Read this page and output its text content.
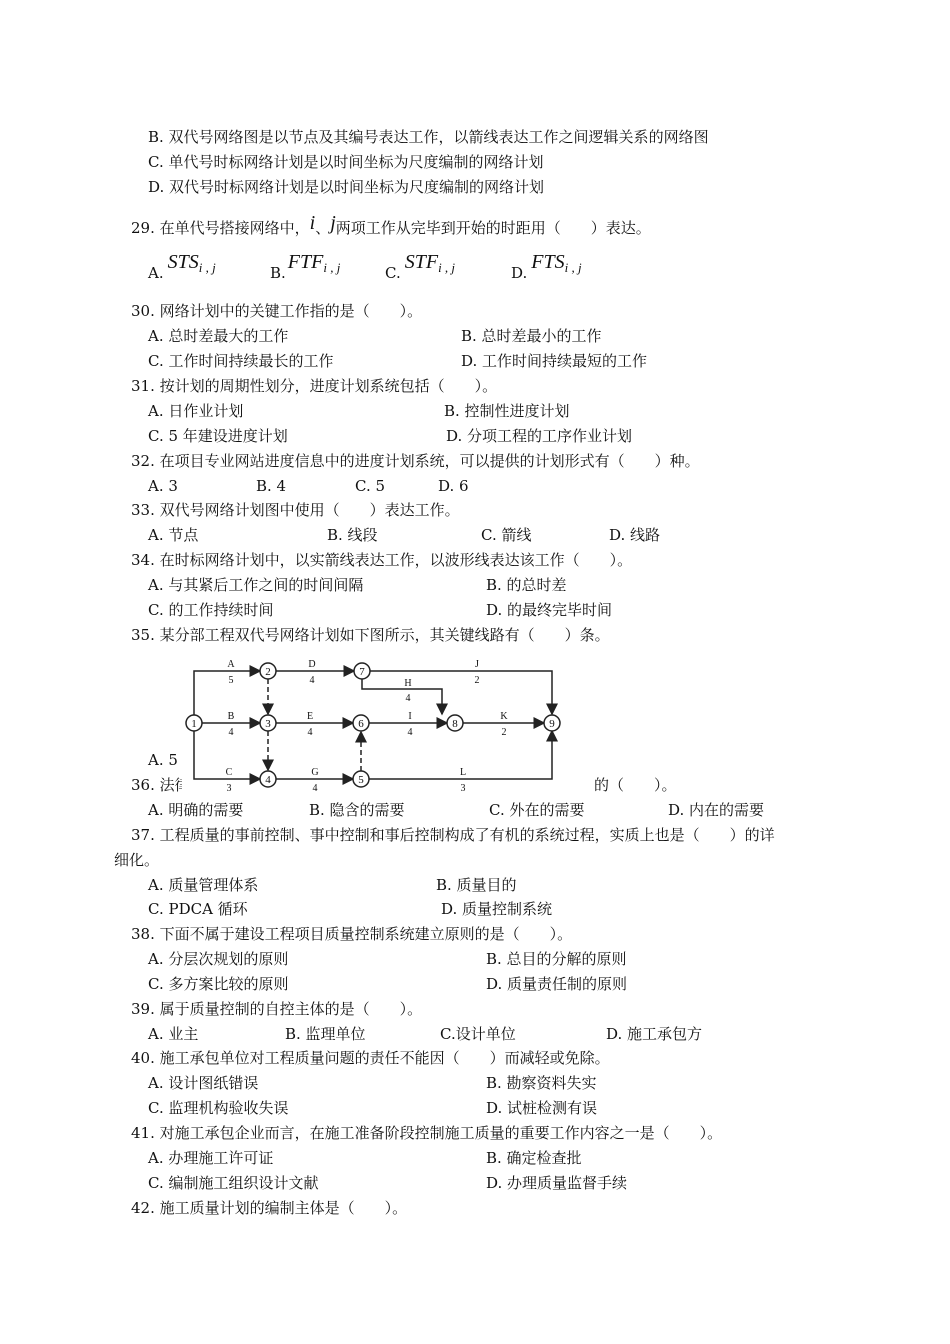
B. 双代号网络图是以节点及其编号表达工作，以箭线表达工作之间逻辑关系的网络图
C. 单代号时标网络计划是以时间坐标为尺度编制的网络计划
D. 双代号时标网络计划是以时间坐标为尺度编制的网络计划
29. 在单代号搭接网络中，i、j两项工作从完毕到开始的时距用（　　）表达。
A. STSi , j	B. FTFi , j	C. STFi , j	D. FTSi , j
30. 网络计划中的关键工作指的是（　　）。
A. 总时差最大的工作	B. 总时差最小的工作
C. 工作时间持续最长的工作	D. 工作时间持续最短的工作
31. 按计划的周期性划分，进度计划系统包括（　　）。
A. 日作业计划	B. 控制性进度计划
C. 5 年建设进度计划	D. 分项工程的工序作业计划
32. 在项目专业网站进度信息中的进度计划系统，可以提供的计划形式有（　　）种。
A. 3	B. 4	C. 5	D. 6
33. 双代号网络计划图中使用（　　）表达工作。
A. 节点	B. 线段	C. 箭线	D. 线路
34. 在时标网络计划中，以实箭线表达工作，以波形线表达该工作（　　）。
A. 与其紧后工作之间的时间间隔	B. 的总时差
C. 的工作持续时间	D. 的最终完毕时间
35. 某分部工程双代号网络计划如下图所示，其关键线路有（　　）条。
A. 5
36. 法律	的（　　）。
A. 明确的需要	B. 隐含的需要	C. 外在的需要	D. 内在的需要
1
2
3
4	5
6
7
8	9
A
5
D
4
J
2
H
4
B
4
E
4
I
4
K
2
C
3
G
4
L
3
37. 工程质量的事前控制、事中控制和事后控制构成了有机的系统过程，实质上也是（　　）的详
细化。
A. 质量管理体系	B. 质量目的
C. PDCA 循环	D. 质量控制系统
38. 下面不属于建设工程项目质量控制系统建立原则的是（　　）。
A. 分层次规划的原则	B. 总目的分解的原则
C. 多方案比较的原则	D. 质量责任制的原则
39. 属于质量控制的自控主体的是（　　）。
A. 业主	B. 监理单位	C.设计单位	D. 施工承包方
40. 施工承包单位对工程质量问题的责任不能因（　　）而减轻或免除。
A. 设计图纸错误	B. 勘察资料失实
C. 监理机构验收失误	D. 试桩检测有误
41. 对施工承包企业而言，在施工准备阶段控制施工质量的重要工作内容之一是（　　）。
A. 办理施工许可证	B. 确定检查批
C. 编制施工组织设计文献	D. 办理质量监督手续
42. 施工质量计划的编制主体是（　　）。
